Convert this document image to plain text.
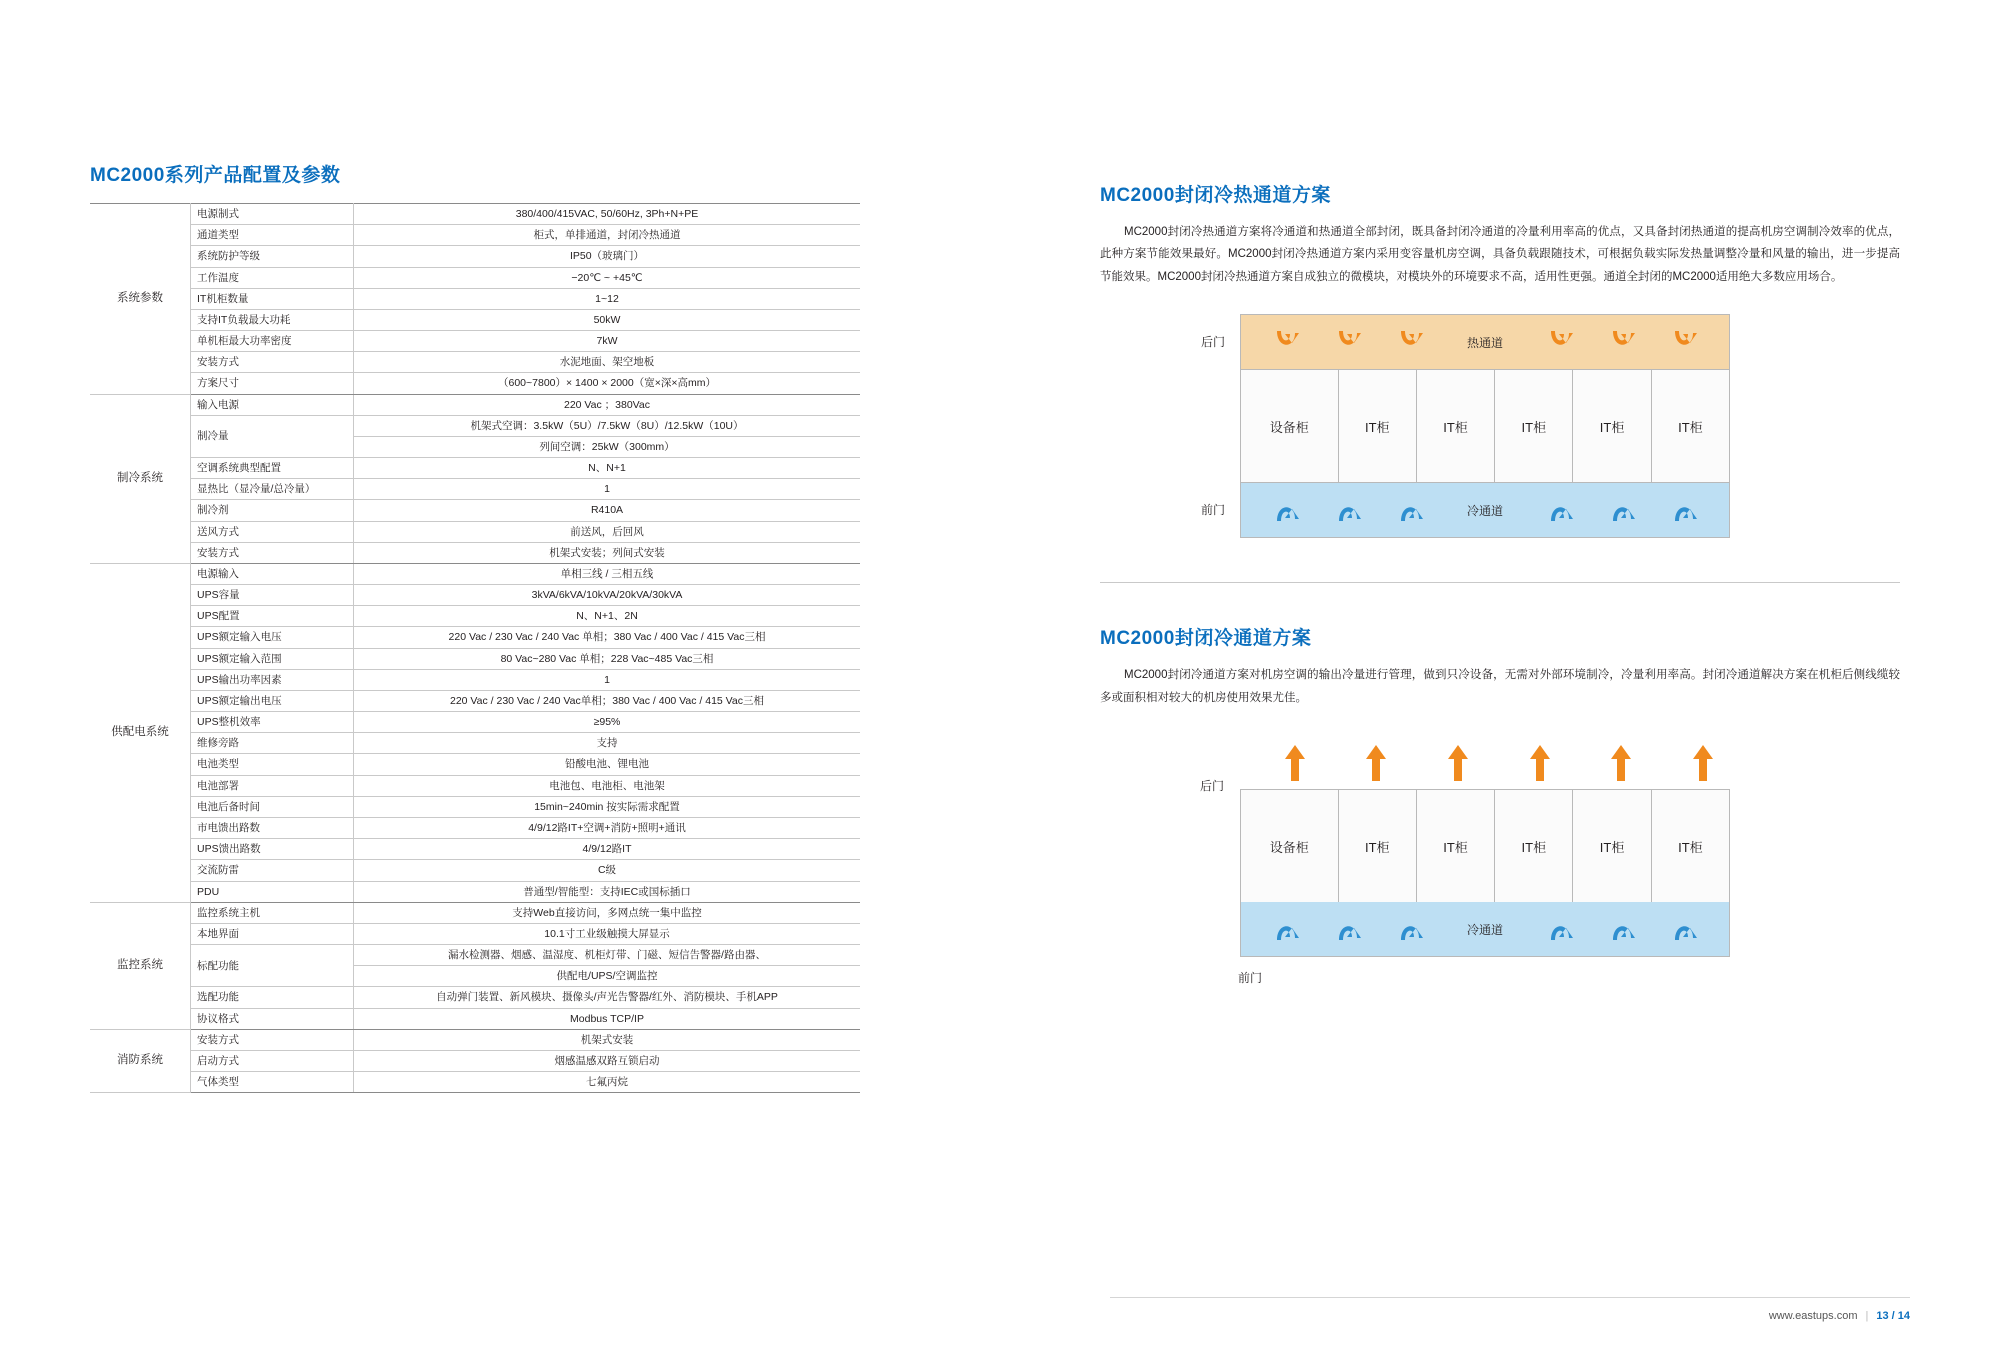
MC2000系列产品配置及参数
系统参数	电源制式	380/400/415VAC, 50/60Hz, 3Ph+N+PE
	通道类型	柜式，单排通道，封闭冷热通道
	系统防护等级	IP50（玻璃门）
	工作温度	−20℃ ~ +45℃
	IT机柜数量	1~12
	支持IT负载最大功耗	50kW
	单机柜最大功率密度	7kW
	安装方式	水泥地面、架空地板
	方案尺寸	（600~7800）× 1400 × 2000（宽×深×高mm）
制冷系统	输入电源	220 Vac ；380Vac
	制冷量	机架式空调：3.5kW（5U）/7.5kW（8U）/12.5kW（10U）
		列间空调：25kW（300mm）
	空调系统典型配置	N、N+1
	显热比（显冷量/总冷量）	1
	制冷剂	R410A
	送风方式	前送风，后回风
	安装方式	机架式安装；列间式安装
供配电系统	电源输入	单相三线 / 三相五线
	UPS容量	3kVA/6kVA/10kVA/20kVA/30kVA
	UPS配置	N、N+1、2N
	UPS额定输入电压	220 Vac / 230 Vac / 240 Vac 单相；380 Vac / 400 Vac / 415 Vac三相
	UPS额定输入范围	80 Vac~280 Vac 单相；228 Vac~485 Vac三相
	UPS输出功率因素	1
	UPS额定输出电压	220 Vac / 230 Vac / 240 Vac单相；380 Vac / 400 Vac / 415 Vac三相
	UPS整机效率	≥95%
	维修旁路	支持
	电池类型	铅酸电池、锂电池
	电池部署	电池包、电池柜、电池架
	电池后备时间	15min~240min 按实际需求配置
	市电馈出路数	4/9/12路IT+空调+消防+照明+通讯
	UPS馈出路数	4/9/12路IT
	交流防雷	C级
	PDU	普通型/智能型：支持IEC或国标插口
监控系统	监控系统主机	支持Web直接访问，多网点统一集中监控
	本地界面	10.1寸工业级触摸大屏显示
	标配功能	漏水检测器、烟感、温湿度、机柜灯带、门磁、短信告警器/路由器、
		供配电/UPS/空调监控
	选配功能	自动弹门装置、新风模块、摄像头/声光告警器/红外、消防模块、手机APP
	协议格式	Modbus TCP/IP
消防系统	安装方式	机架式安装
	启动方式	烟感温感双路互锁启动
	气体类型	七氟丙烷
MC2000封闭冷热通道方案
MC2000封闭冷热通道方案将冷通道和热通道全部封闭，既具备封闭冷通道的冷量利用率高的优点，又具备封闭热通道的提高机房空调制冷效率的优点，此种方案节能效果最好。MC2000封闭冷热通道方案内采用变容量机房空调，具备负载跟随技术，可根据负载实际发热量调整冷量和风量的输出，进一步提高节能效果。MC2000封闭冷热通道方案自成独立的微模块，对模块外的环境要求不高，适用性更强。通道全封闭的MC2000适用绝大多数应用场合。
后门	热通道
设备柜	IT柜	IT柜	IT柜	IT柜	IT柜
前门	冷通道
MC2000封闭冷通道方案
MC2000封闭冷通道方案对机房空调的输出冷量进行管理，做到只冷设备，无需对外部环境制冷，冷量利用率高。封闭冷通道解决方案在机柜后侧线缆较多或面积相对较大的机房使用效果尤佳。
后门
设备柜	IT柜	IT柜	IT柜	IT柜	IT柜
冷通道
前门
www.eastups.com | 13 / 14
